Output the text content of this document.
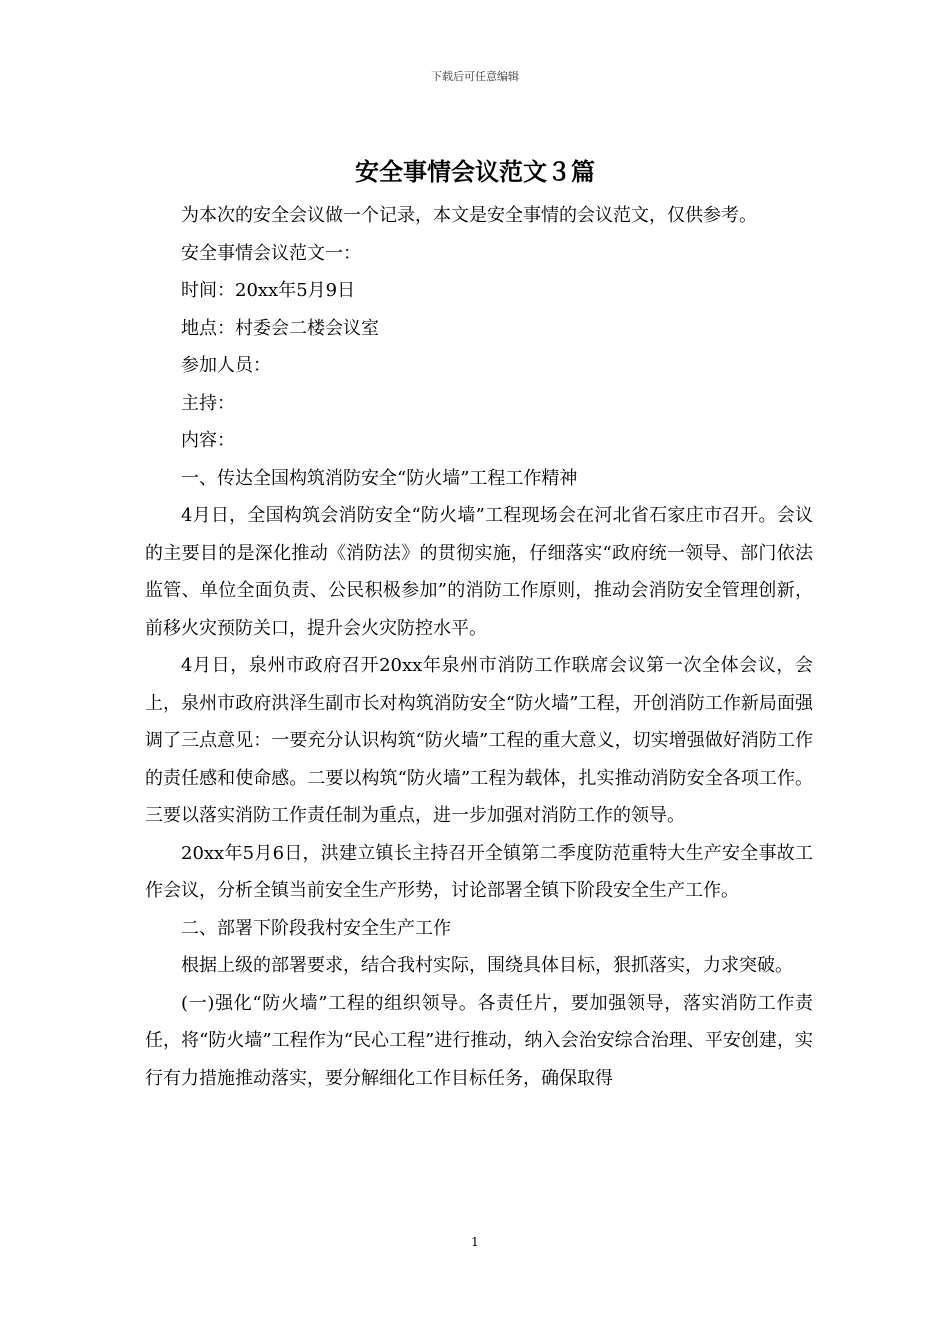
下载后可任意编辑
安全事情会议范文３篇

为本次的安全会议做一个记录，本文是安全事情的会议范文，仅供参考。

安全事情会议范文一：

时间：20xx年5月9日

地点：村委会二楼会议室

参加人员：

主持：

内容：

一、传达全国构筑消防安全“防火墙”工程工作精神

4月日，全国构筑会消防安全“防火墙”工程现场会在河北省石家庄市召开。会议的主要目的是深化推动《消防法》的贯彻实施，仔细落实“政府统一领导、部门依法监管、单位全面负责、公民积极参加”的消防工作原则，推动会消防安全管理创新，前移火灾预防关口，提升会火灾防控水平。

4月日，泉州市政府召开20xx年泉州市消防工作联席会议第一次全体会议，会上，泉州市政府洪泽生副市长对构筑消防安全“防火墙”工程，开创消防工作新局面强调了三点意见：一要充分认识构筑“防火墙”工程的重大意义，切实增强做好消防工作的责任感和使命感。二要以构筑“防火墙”工程为载体，扎实推动消防安全各项工作。三要以落实消防工作责任制为重点，进一步加强对消防工作的领导。

20xx年5月6日，洪建立镇长主持召开全镇第二季度防范重特大生产安全事故工作会议，分析全镇当前安全生产形势，讨论部署全镇下阶段安全生产工作。

二、部署下阶段我村安全生产工作

根据上级的部署要求，结合我村实际，围绕具体目标，狠抓落实，力求突破。

(一)强化“防火墙”工程的组织领导。各责任片，要加强领导，落实消防工作责任，将“防火墙”工程作为“民心工程”进行推动，纳入会治安综合治理、平安创建，实行有力措施推动落实，要分解细化工作目标任务，确保取得

1
